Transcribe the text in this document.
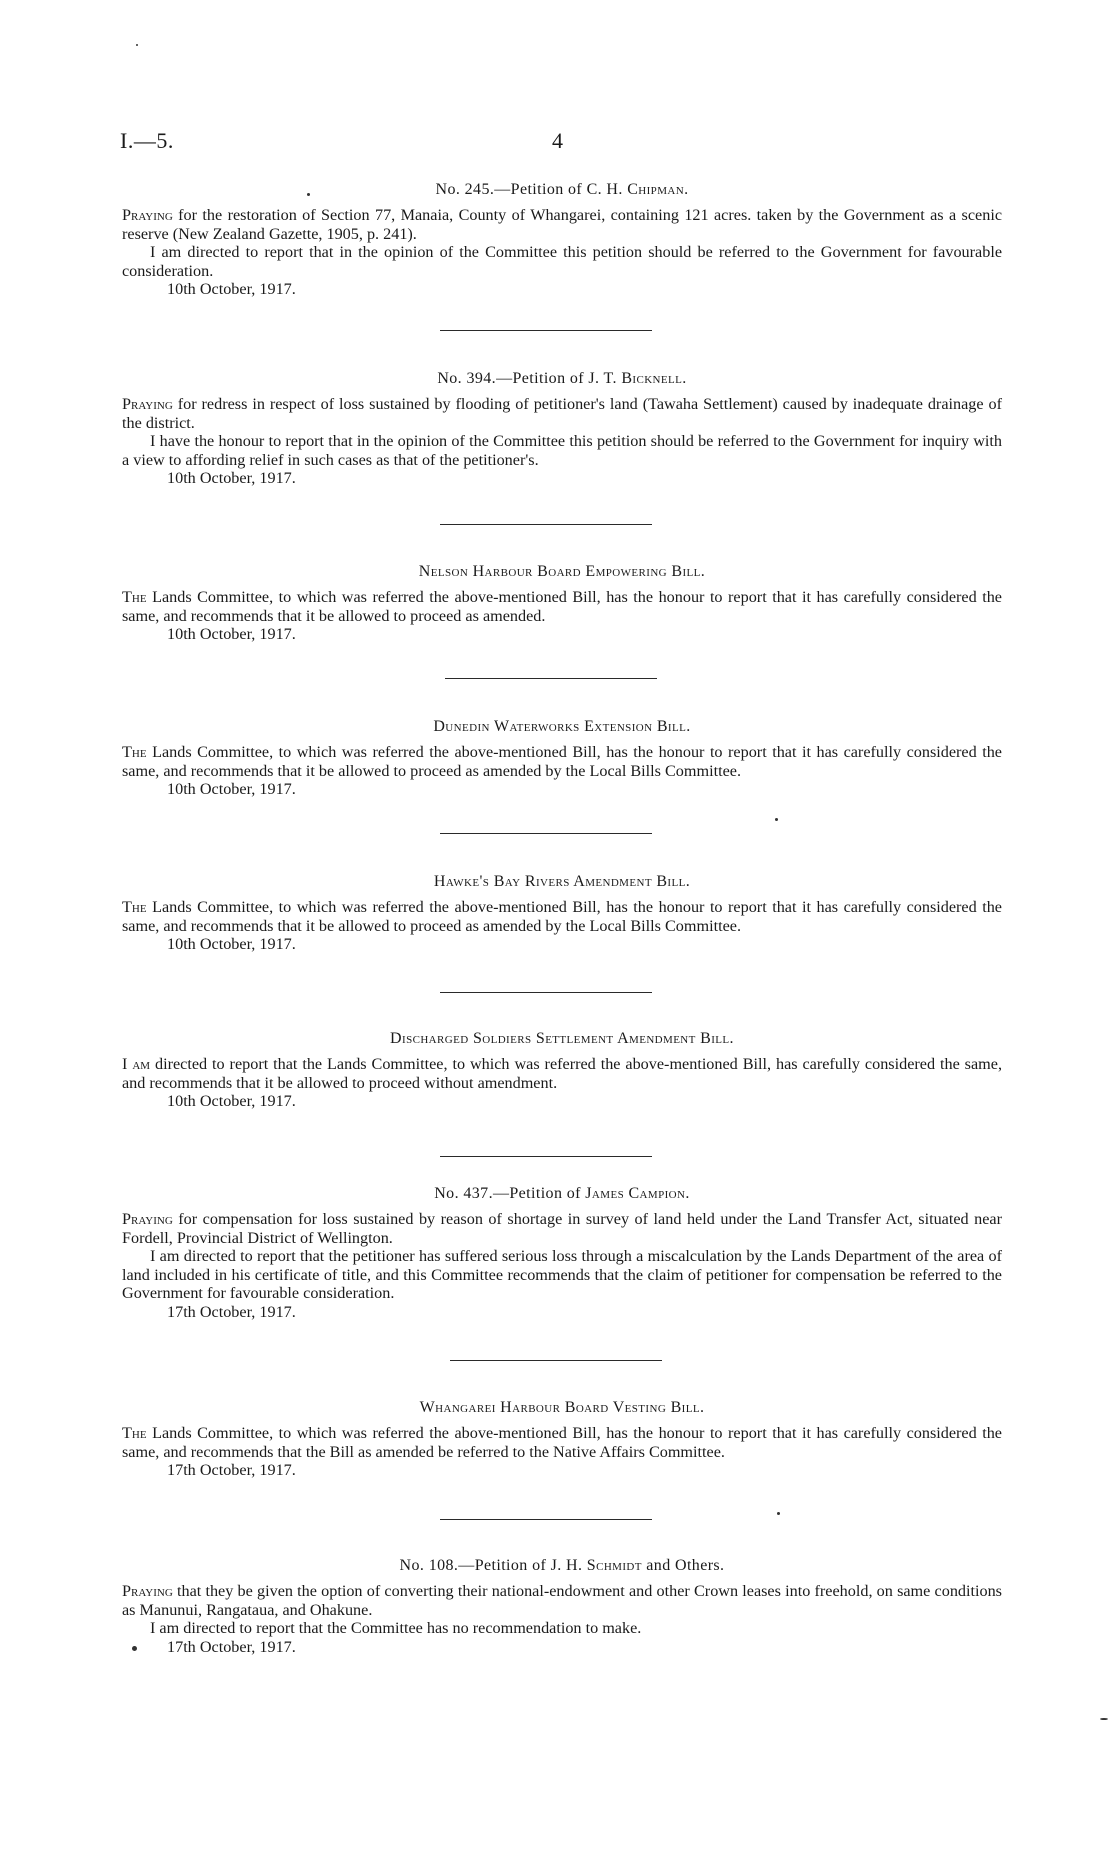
I.—5.	4
No. 245.—Petition of C. H. Chipman.

Praying for the restoration of Section 77, Manaia, County of Whangarei, containing 121 acres. taken by the Government as a scenic reserve (New Zealand Gazette, 1905, p. 241).

I am directed to report that in the opinion of the Committee this petition should be referred to the Government for favourable consideration.

10th October, 1917.
No. 394.—Petition of J. T. Bicknell.

Praying for redress in respect of loss sustained by flooding of petitioner's land (Tawaha Settlement) caused by inadequate drainage of the district.

I have the honour to report that in the opinion of the Committee this petition should be referred to the Government for inquiry with a view to affording relief in such cases as that of the petitioner's.

10th October, 1917.
Nelson Harbour Board Empowering Bill.

The Lands Committee, to which was referred the above-mentioned Bill, has the honour to report that it has carefully considered the same, and recommends that it be allowed to proceed as amended.

10th October, 1917.
Dunedin Waterworks Extension Bill.

The Lands Committee, to which was referred the above-mentioned Bill, has the honour to report that it has carefully considered the same, and recommends that it be allowed to proceed as amended by the Local Bills Committee.

10th October, 1917.
Hawke's Bay Rivers Amendment Bill.

The Lands Committee, to which was referred the above-mentioned Bill, has the honour to report that it has carefully considered the same, and recommends that it be allowed to proceed as amended by the Local Bills Committee.

10th October, 1917.
Discharged Soldiers Settlement Amendment Bill.

I am directed to report that the Lands Committee, to which was referred the above-mentioned Bill, has carefully considered the same, and recommends that it be allowed to proceed without amendment.

10th October, 1917.
No. 437.—Petition of James Campion.

Praying for compensation for loss sustained by reason of shortage in survey of land held under the Land Transfer Act, situated near Fordell, Provincial District of Wellington.

I am directed to report that the petitioner has suffered serious loss through a miscalculation by the Lands Department of the area of land included in his certificate of title, and this Committee recommends that the claim of petitioner for compensation be referred to the Government for favourable consideration.

17th October, 1917.
Whangarei Harbour Board Vesting Bill.

The Lands Committee, to which was referred the above-mentioned Bill, has the honour to report that it has carefully considered the same, and recommends that the Bill as amended be referred to the Native Affairs Committee.

17th October, 1917.
No. 108.—Petition of J. H. Schmidt and Others.

Praying that they be given the option of converting their national-endowment and other Crown leases into freehold, on same conditions as Manunui, Rangataua, and Ohakune.

I am directed to report that the Committee has no recommendation to make.

17th October, 1917.
